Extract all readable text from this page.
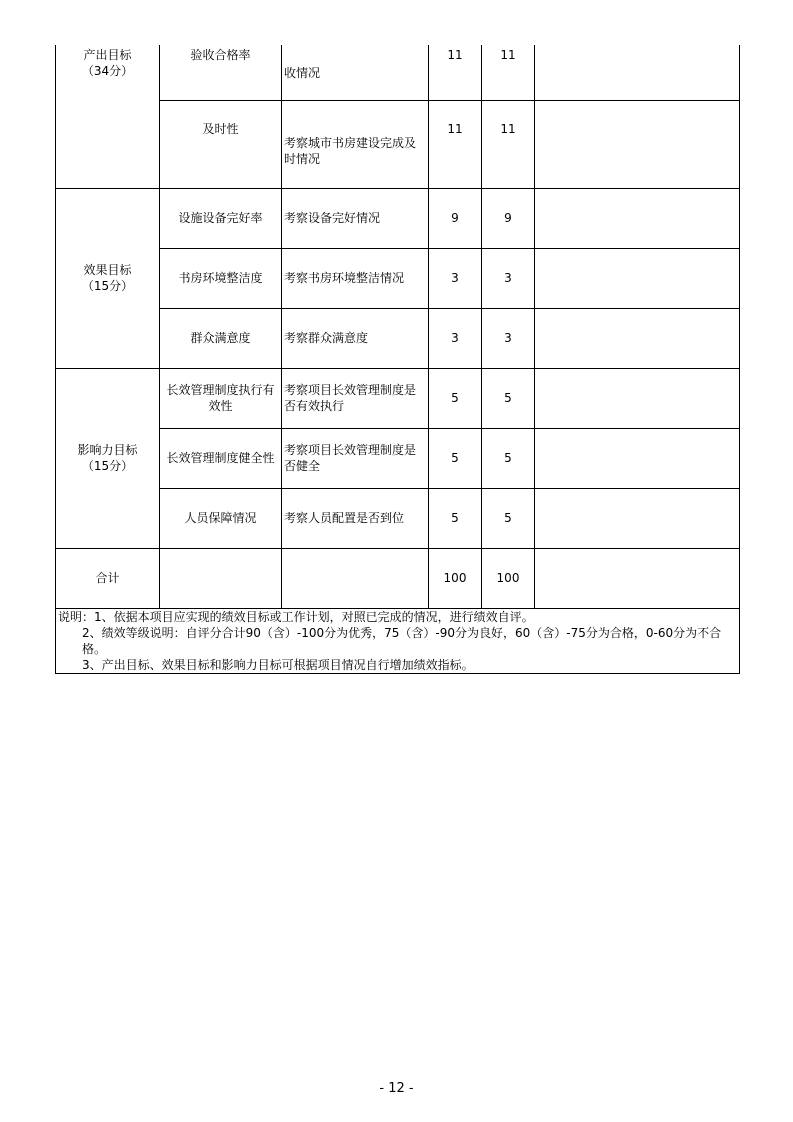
产出目标
（34分）	验收合格率	收情况	11	11	
	及时性	考察城市书房建设完成及时情况	11	11	

效果目标
（15分）	设施设备完好率	考察设备完好情况	9	9	
	书房环境整洁度	考察书房环境整洁情况	3	3	
	群众满意度	考察群众满意度	3	3	

影响力目标
（15分）	长效管理制度执行有效性	考察项目长效管理制度是否有效执行	5	5	
	长效管理制度健全性	考察项目长效管理制度是否健全	5	5	
	人员保障情况	考察人员配置是否到位	5	5	
合计			100	100	

说明：1、依据本项目应实现的绩效目标或工作计划，对照已完成的情况，进行绩效自评。
2、绩效等级说明：自评分合计90（含）-100分为优秀，75（含）-90分为良好，60（含）-75分为合格，0-60分为不合格。
3、产出目标、效果目标和影响力目标可根据项目情况自行增加绩效指标。					
- 12 -
